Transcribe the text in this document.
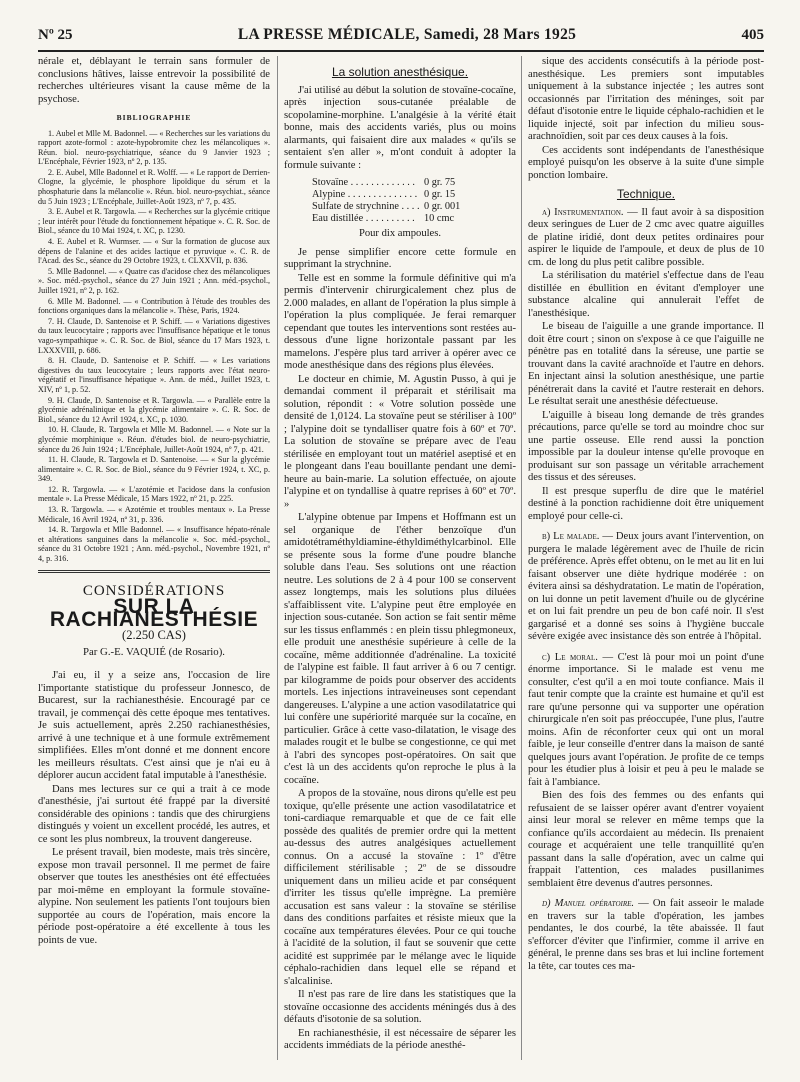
Nº 25	LA PRESSE MÉDICALE, Samedi, 28 Mars 1925	405

nérale et, déblayant le terrain sans formuler de conclusions hâtives, laisse entrevoir la possibilité de recherches ultérieures visant la cause même de la psychose.

BIBLIOGRAPHIE

1. Aubel et Mlle M. Badonnel. — « Recherches sur les variations du rapport azote-formol : azote-hypobromite chez les mélancoliques ». Réun. biol. neuro-psychiatrique, séance du 9 Janvier 1923 ; L'Encéphale, Février 1923, nº 2, p. 135.

2. E. Aubel, Mlle Badonnel et R. Wolff. — « Le rapport de Derrien-Clogne, la glycémie, le phosphore lipoïdique du sérum et la phosphaturie dans la mélancolie ». Réun. biol. neuro-psychiat., séance du 5 Juin 1923 ; L'Encéphale, Juillet-Août 1923, nº 7, p. 435.

3. E. Aubel et R. Targowla. — « Recherches sur la glycémie critique ; leur intérêt pour l'étude du fonctionnement hépatique ». C. R. Soc. de Biol., séance du 10 Mai 1924, t. XC, p. 1230.

4. E. Aubel et R. Wurmser. — « Sur la formation de glucose aux dépens de l'alanine et des acides lactique et pyruvique ». C. R. de l'Acad. des Sc., séance du 29 Octobre 1923, t. CLXXVII, p. 836.

5. Mlle Badonnel. — « Quatre cas d'acidose chez des mélancoliques ». Soc. méd.-psychol., séance du 27 Juin 1921 ; Ann. méd.-psychol., Juillet 1921, nº 2, p. 162.

6. Mlle M. Badonnel. — « Contribution à l'étude des troubles des fonctions organiques dans la mélancolie ». Thèse, Paris, 1924.

7. H. Claude, D. Santenoise et P. Schiff. — « Variations digestives du taux leucocytaire ; rapports avec l'insuffisance hépatique et le tonus vago-sympathique ». C. R. Soc. de Biol, séance du 17 Mars 1923, t. LXXXVIII, p. 686.

8. H. Claude, D. Santenoise et P. Schiff. — « Les variations digestives du taux leucocytaire ; leurs rapports avec l'état neuro-végétatif et l'insuffisance hépatique ». Ann. de méd., Juillet 1923, t. XIV, nº 1, p. 52.

9. H. Claude, D. Santenoise et R. Targowla. — « Parallèle entre la glycémie adrénalinique et la glycémie alimentaire ». C. R. Soc. de Biol., séance du 12 Avril 1924, t. XC, p. 1030.

10. H. Claude, R. Targowla et Mlle M. Badonnel. — « Note sur la glycémie morphinique ». Réun. d'études biol. de neuro-psychiatrie, séance du 26 Juin 1924 ; L'Encéphale, Juillet-Août 1924, nº 7, p. 421.

11. H. Claude, R. Targowla et D. Santenoise. — « Sur la glycémie alimentaire ». C. R. Soc. de Biol., séance du 9 Février 1924, t. XC, p. 349.

12. R. Targowla. — « L'azotémie et l'acidose dans la confusion mentale ». La Presse Médicale, 15 Mars 1922, nº 21, p. 225.

13. R. Targowla. — « Azotémie et troubles mentaux ». La Presse Médicale, 16 Avril 1924, nº 31, p. 336.

14. R. Targowla et Mlle Badonnel. — « Insuffisance hépato-rénale et altérations sanguines dans la mélancolie ». Soc. méd.-psychol., séance du 31 Octobre 1921 ; Ann. méd.-psychol., Novembre 1921, nº 4, p. 316.

CONSIDÉRATIONS
SUR LA RACHIANESTHÉSIE
(2.250 CAS)
Par G.-E. VAQUIÉ (de Rosario).

J'ai eu, il y a seize ans, l'occasion de lire l'importante statistique du professeur Jonnesco, de Bucarest, sur la rachianesthésie. Encouragé par ce travail, je commençai dès cette époque mes tentatives. Je suis actuellement, après 2.250 rachianesthésies, arrivé à une technique et à une formule extrêmement simplifiées. Elles m'ont donné et me donnent encore les meilleurs résultats. C'est ainsi que je n'ai eu à déplorer aucun accident fatal imputable à l'anesthésie.

Dans mes lectures sur ce qui a trait à ce mode d'anesthésie, j'ai surtout été frappé par la diversité considérable des opinions : tandis que des chirurgiens distingués y voient un excellent procédé, les autres, et ce sont les plus nombreux, la trouvent dangereuse.

Le présent travail, bien modeste, mais très sincère, expose mon travail personnel. Il me permet de faire observer que toutes les anesthésies ont été effectuées par moi-même en employant la formule stovaïne-alypine. Non seulement les patients l'ont toujours bien supportée au cours de l'opération, mais encore la période post-opératoire a été excellente à tous les points de vue.

La solution anesthésique.

J'ai utilisé au début la solution de stovaïne-cocaïne, après injection sous-cutanée préalable de scopolamine-morphine. L'analgésie à la vérité était bonne, mais des accidents variés, plus ou moins alarmants, qui faisaient dire aux malades « qu'ils se sentaient s'en aller », m'ont conduit à adopter la formule suivante :

Stovaïne . . . . . . . . . . . . . 0 gr. 75
Alypine . . . . . . . . . . . . . . 0 gr. 15
Sulfate de strychnine . . . . 0 gr. 001
Eau distillée . . . . . . . . . . 10 cmc

Pour dix ampoules.

Je pense simplifier encore cette formule en supprimant la strychnine.

Telle est en somme la formule définitive qui m'a permis d'intervenir chirurgicalement chez plus de 2.000 malades, en allant de l'opération la plus simple à l'opération la plus compliquée. Je ferai remarquer cependant que toutes les interventions sont restées au-dessous d'une ligne horizontale passant par les mamelons. J'espère plus tard arriver à opérer avec ce mode anesthésique dans des régions plus élevées.

Le docteur en chimie, M. Agustin Pusso, à qui je demandai comment il préparait et stérilisait ma solution, répondit : « Votre solution possède une densité de 1,0124. La stovaïne peut se stériliser à 100º ; l'alypine doit se tyndalliser quatre fois à 60º et 70º. La solution de stovaïne se prépare avec de l'eau stérilisée en employant tout un matériel aseptisé et en le plongeant dans l'eau bouillante pendant une demi-heure au bain-marie. La solution effectuée, on ajoute l'alypine et on tyndallise à quatre reprises à 60º et 70º. »

L'alypine obtenue par Impens et Hoffmann est un sel organique de l'éther benzoïque d'un amidotétraméthyldiamine-éthyldiméthylcarbinol. Elle se présente sous la forme d'une poudre blanche soluble dans l'eau. Ses solutions ont une réaction neutre. Les solutions de 2 à 4 pour 100 se conservent assez longtemps, mais les solutions plus diluées s'affaiblissent vite. L'alypine peut être employée en injection sous-cutanée. Son action se fait sentir même sur les tissus enflammés : en plein tissu phlegmoneux, elle produit une anesthésie supérieure à celle de la cocaïne, même additionnée d'adrénaline. La toxicité de l'alypine est faible. Il faut arriver à 6 ou 7 centigr. par kilogramme de poids pour observer des accidents mortels. Les injections intraveineuses sont cependant dangereuses. L'alypine a une action vasodilatatrice qui lui confère une supériorité marquée sur la cocaïne, en particulier. Grâce à cette vaso-dilatation, le visage des malades rougit et le bulbe se congestionne, ce qui met à l'abri des syncopes post-opératoires. On sait que c'est là un des accidents qu'on reproche le plus à la cocaïne.

A propos de la stovaïne, nous dirons qu'elle est peu toxique, qu'elle présente une action vasodilatatrice et toni-cardiaque remarquable et que de ce fait elle possède des qualités de premier ordre qui la mettent au-dessus des autres analgésiques actuellement connus. On a accusé la stovaïne : 1º d'être difficilement stérilisable ; 2º de se dissoudre uniquement dans un milieu acide et par conséquent d'irriter les tissus qu'elle imprègne. La première accusation est sans valeur : la stovaïne se stérilise dans des conditions parfaites et résiste mieux que la cocaïne aux températures élevées. Pour ce qui touche à l'acidité de la solution, il faut se souvenir que cette acidité est supprimée par le mélange avec le liquide céphalo-rachidien dans lequel elle se répand et s'alcalinise.

Il n'est pas rare de lire dans les statistiques que la stovaïne occasionne des accidents méningés dus à des défauts d'isotonie de sa solution.

En rachianesthésie, il est nécessaire de séparer les accidents immédiats de la période anesthé-

sique des accidents consécutifs à la période post-anesthésique. Les premiers sont imputables uniquement à la substance injectée ; les autres sont occasionnés par l'irritation des méninges, soit par défaut d'isotonie entre le liquide céphalo-rachidien et le liquide injecté, soit par infection du milieu sous-arachnoïdien, soit par ces deux causes à la fois.

Ces accidents sont indépendants de l'anesthésique employé puisqu'on les observe à la suite d'une simple ponction lombaire.

Technique.

a) Instrumentation. — Il faut avoir à sa disposition deux seringues de Luer de 2 cmc avec quatre aiguilles de platine iridié, dont deux petites ordinaires pour aspirer le liquide de l'ampoule, et deux de plus de 10 cm. de long du plus petit calibre possible.

La stérilisation du matériel s'effectue dans de l'eau distillée en ébullition en évitant d'employer une substance alcaline qui annulerait l'effet de l'anesthésique.

Le biseau de l'aiguille a une grande importance. Il doit être court ; sinon on s'expose à ce que l'aiguille ne pénètre pas en totalité dans la séreuse, une partie se trouvant dans la cavité arachnoïde et l'autre en dehors. En injectant ainsi la solution anesthésique, une partie pénétrerait dans la cavité et l'autre resterait en dehors. Le résultat serait une anesthésie défectueuse.

L'aiguille à biseau long demande de très grandes précautions, parce qu'elle se tord au moindre choc sur une partie osseuse. Elle rend aussi la ponction impossible par la douleur intense qu'elle provoque en produisant sur son passage un véritable arrachement des tissus et des séreuses.

Il est presque superflu de dire que le matériel destiné à la ponction rachidienne doit être uniquement employé pour celle-ci.

b) Le malade. — Deux jours avant l'intervention, on purgera le malade légèrement avec de l'huile de ricin de préférence. Après effet obtenu, on le met au lit en lui faisant observer une diète hydrique modérée : on évitera ainsi sa déshydratation. Le matin de l'opération, on lui donne un petit lavement d'huile ou de glycérine et on lui fait prendre un peu de bon café noir. Il s'est gargarisé et a donné ses soins à l'hygiène buccale sévère exigée avec insistance dès son entrée à l'hôpital.

c) Le moral. — C'est là pour moi un point d'une énorme importance. Si le malade est venu me consulter, c'est qu'il a en moi toute confiance. Mais il faut tenir compte que la crainte est humaine et qu'il est rare qu'une personne qui va supporter une opération chirurgicale n'en soit pas préoccupée, l'une plus, l'autre moins. Afin de réconforter ceux qui ont un moral faible, je leur conseille d'entrer dans la maison de santé quelques jours avant l'opération. Je profite de ce temps pour les étudier plus à loisir et peu à peu le malade se fait à l'ambiance.

Bien des fois des femmes ou des enfants qui refusaient de se laisser opérer avant d'entrer voyaient ainsi leur moral se relever en même temps que la confiance qu'ils accordaient au médecin. Ils prenaient courage et acquéraient une telle tranquillité qu'en passant dans la salle d'opération, avec un calme qui frappait l'attention, ces malades pusillanimes semblaient être devenus d'autres personnes.

d) Manuel opératoire. — On fait asseoir le malade en travers sur la table d'opération, les jambes pendantes, le dos courbé, la tête abaissée. Il faut s'efforcer d'éviter que l'infirmier, comme il arrive en général, le prenne dans ses bras et lui incline fortement la tête, car toutes ces ma-
